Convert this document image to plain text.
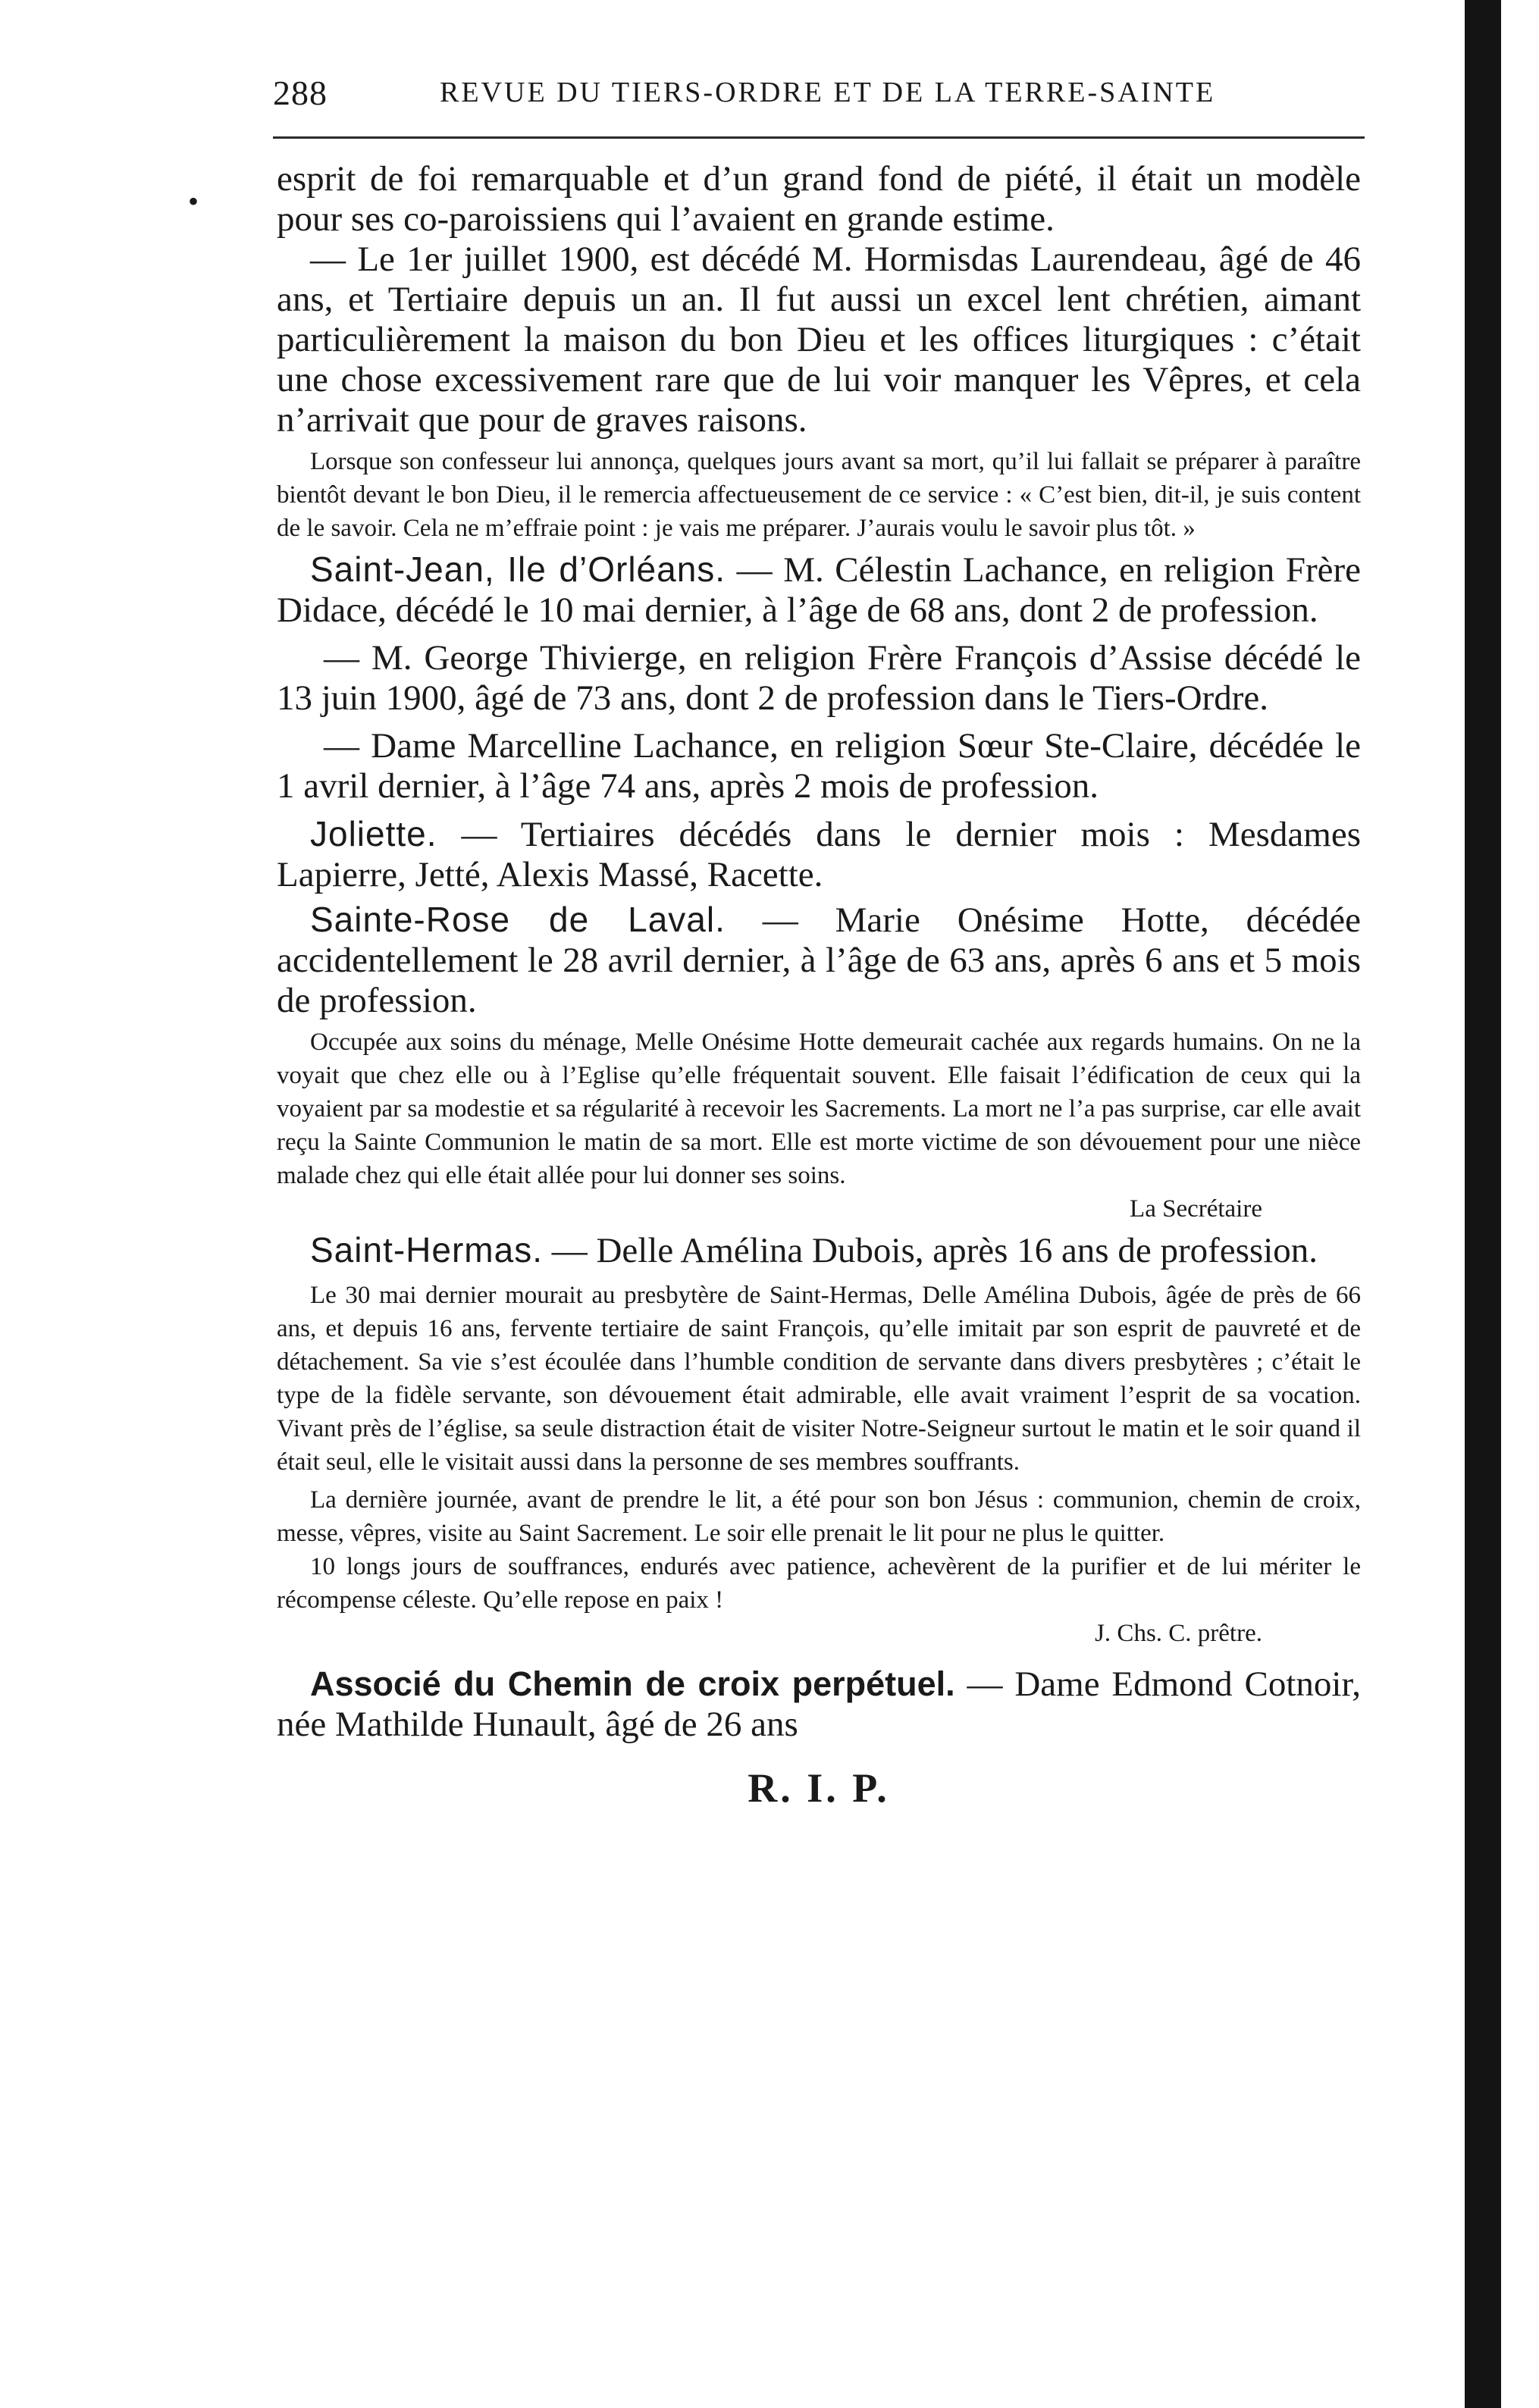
•
288	REVUE DU TIERS-ORDRE ET DE LA TERRE-SAINTE

esprit de foi remarquable et d’un grand fond de piété, il était un modèle pour ses co-paroissiens qui l’avaient en grande estime.

— Le 1er juillet 1900, est décédé M. Hormisdas Laurendeau, âgé de 46 ans, et Tertiaire depuis un an. Il fut aussi un excel lent chrétien, aimant particulièrement la maison du bon Dieu et les offices liturgiques : c’était une chose excessivement rare que de lui voir manquer les Vêpres, et cela n’arrivait que pour de graves raisons.

Lorsque son confesseur lui annonça, quelques jours avant sa mort, qu’il lui fallait se préparer à paraître bientôt devant le bon Dieu, il le remercia affectueusement de ce service : « C’est bien, dit-il, je suis content de le savoir. Cela ne m’effraie point : je vais me préparer. J’aurais voulu le savoir plus tôt. »

Saint-Jean, Ile d’Orléans. — M. Célestin Lachance, en religion Frère Didace, décédé le 10 mai dernier, à l’âge de 68 ans, dont 2 de profession.

— M. George Thivierge, en religion Frère François d’Assise décédé le 13 juin 1900, âgé de 73 ans, dont 2 de profession dans le Tiers-Ordre.

— Dame Marcelline Lachance, en religion Sœur Ste-Claire, décédée le 1 avril dernier, à l’âge 74 ans, après 2 mois de profession.

Joliette. — Tertiaires décédés dans le dernier mois : Mesdames Lapierre, Jetté, Alexis Massé, Racette.

Sainte-Rose de Laval. — Marie Onésime Hotte, décédée accidentellement le 28 avril dernier, à l’âge de 63 ans, après 6 ans et 5 mois de profession.

Occupée aux soins du ménage, Melle Onésime Hotte demeurait cachée aux regards humains. On ne la voyait que chez elle ou à l’Eglise qu’elle fréquentait souvent. Elle faisait l’édification de ceux qui la voyaient par sa modestie et sa régularité à recevoir les Sacrements. La mort ne l’a pas surprise, car elle avait reçu la Sainte Communion le matin de sa mort. Elle est morte victime de son dévouement pour une nièce malade chez qui elle était allée pour lui donner ses soins.

La Secrétaire

Saint-Hermas. — Delle Amélina Dubois, après 16 ans de profession.

Le 30 mai dernier mourait au presbytère de Saint-Hermas, Delle Amélina Dubois, âgée de près de 66 ans, et depuis 16 ans, fervente tertiaire de saint François, qu’elle imitait par son esprit de pauvreté et de détachement. Sa vie s’est écoulée dans l’humble condition de servante dans divers presbytères ; c’était le type de la fidèle servante, son dévouement était admirable, elle avait vraiment l’esprit de sa vocation. Vivant près de l’église, sa seule distraction était de visiter Notre-Seigneur surtout le matin et le soir quand il était seul, elle le visitait aussi dans la personne de ses membres souffrants.

La dernière journée, avant de prendre le lit, a été pour son bon Jésus : communion, chemin de croix, messe, vêpres, visite au Saint Sacrement. Le soir elle prenait le lit pour ne plus le quitter.

10 longs jours de souffrances, endurés avec patience, achevèrent de la purifier et de lui mériter le récompense céleste. Qu’elle repose en paix !

J. Chs. C. prêtre.

Associé du Chemin de croix perpétuel. — Dame Edmond Cotnoir, née Mathilde Hunault, âgé de 26 ans

R. I. P.
